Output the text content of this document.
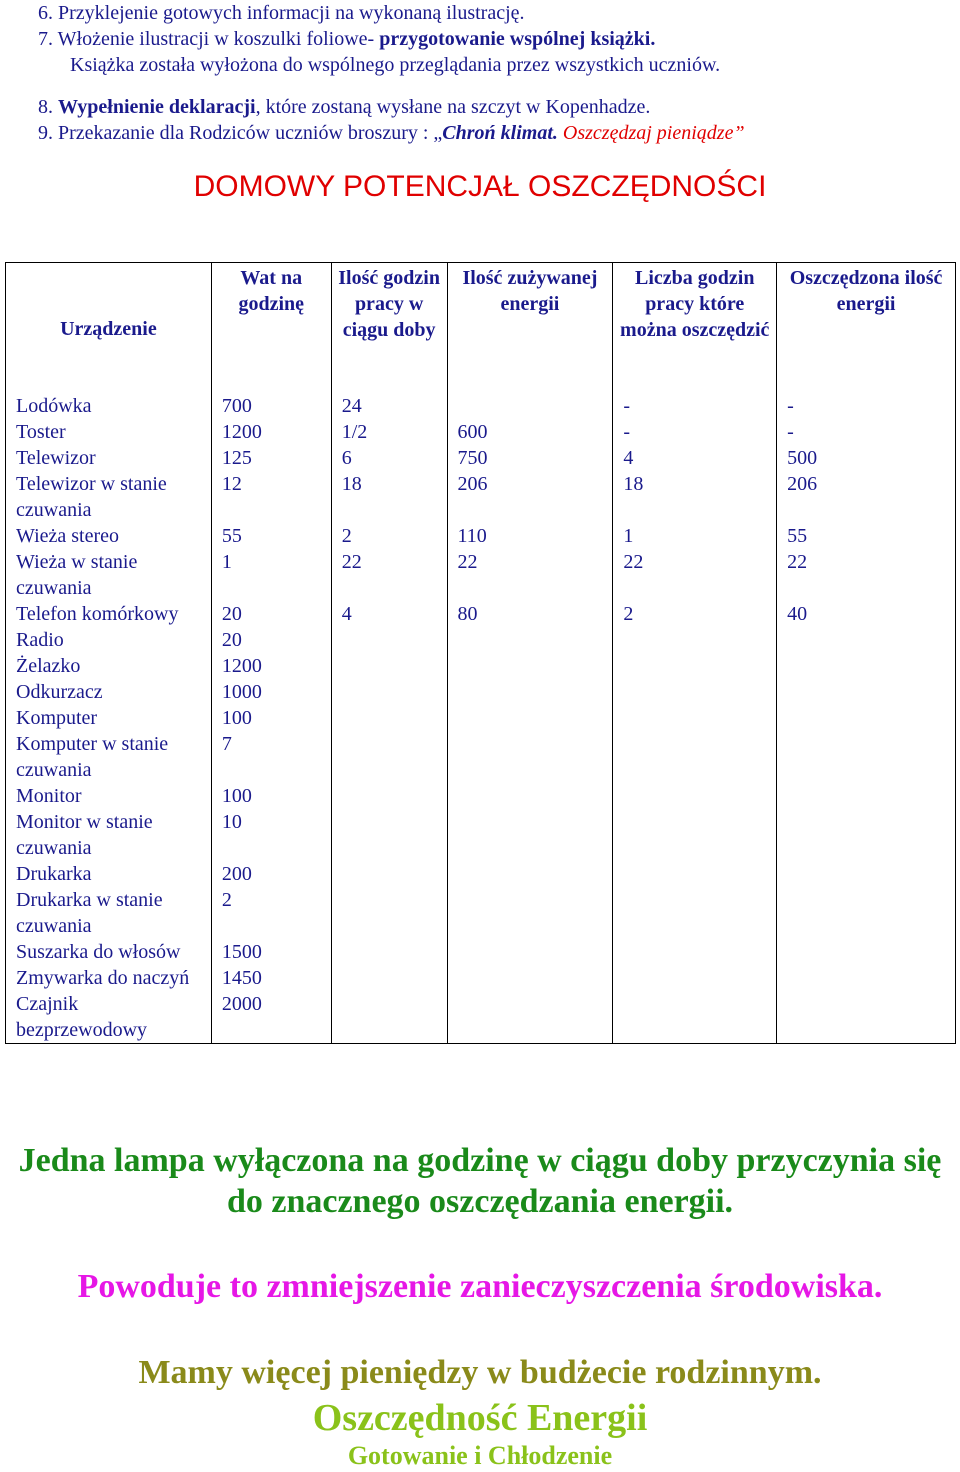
6. Przyklejenie gotowych informacji na wykonaną ilustrację.

7. Włożenie ilustracji w koszulki foliowe- przygotowanie wspólnej książki.

Książka została wyłożona do wspólnego przeglądania przez wszystkich uczniów.

8. Wypełnienie deklaracji, które zostaną wysłane na szczyt w Kopenhadze.

9. Przekazanie dla Rodziców uczniów broszury : „Chroń klimat. Oszczędzaj pieniądze”

DOMOWY POTENCJAŁ OSZCZĘDNOŚCI
Urządzenie	Wat na godzinę	Ilość godzin pracy w ciągu doby	Ilość zużywanej energii	Liczba godzin pracy które można oszczędzić	Oszczędzona ilość energii
Lodówka	700	24		-	-
Toster	1200	1/2	600	-	-
Telewizor	125	6	750	4	500
Telewizor w stanie czuwania	12	18	206	18	206
Wieża stereo	55	2	110	1	55
Wieża w stanie czuwania	1	22	22	22	22
Telefon komórkowy	20	4	80	2	40
Radio	20				
Żelazko	1200				
Odkurzacz	1000				
Komputer	100				
Komputer w stanie czuwania	7				
Monitor	100				
Monitor w stanie czuwania	10				
Drukarka	200				
Drukarka w stanie czuwania	2				
Suszarka do włosów	1500				
Zmywarka do naczyń	1450				
Czajnik bezprzewodowy	2000				
Jedna lampa wyłączona na godzinę w ciągu doby przyczynia się do znacznego oszczędzania energii.
Powoduje to zmniejszenie zanieczyszczenia środowiska.
Mamy więcej pieniędzy w budżecie rodzinnym.
Oszczędność Energii
Gotowanie i Chłodzenie
